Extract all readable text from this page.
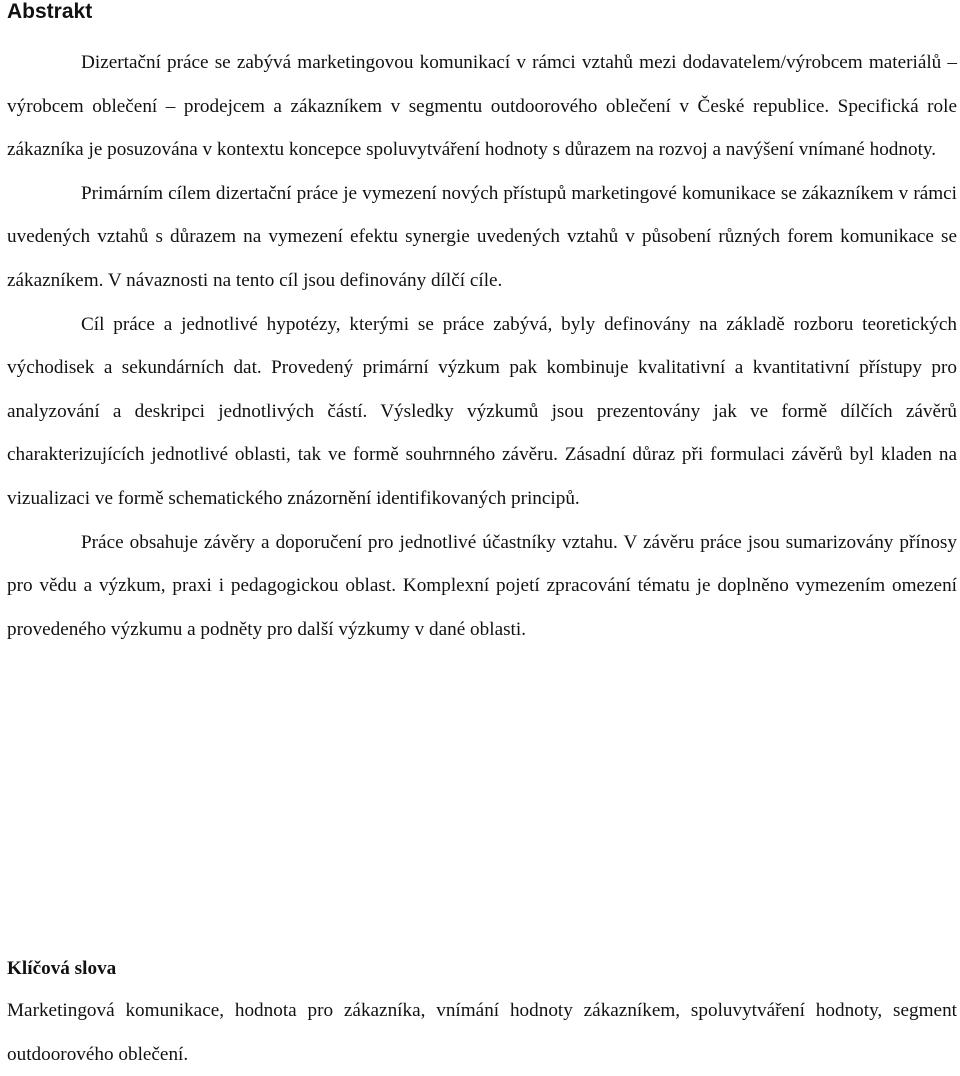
Abstrakt

Dizertační práce se zabývá marketingovou komunikací v rámci vztahů mezi dodavatelem/výrobcem materiálů – výrobcem oblečení – prodejcem a zákazníkem v segmentu outdoorového oblečení v České republice. Specifická role zákazníka je posuzována v kontextu koncepce spoluvytváření hodnoty s důrazem na rozvoj a navýšení vnímané hodnoty.

Primárním cílem dizertační práce je vymezení nových přístupů marketingové komunikace se zákazníkem v rámci uvedených vztahů s důrazem na vymezení efektu synergie uvedených vztahů v působení různých forem komunikace se zákazníkem. V návaznosti na tento cíl jsou definovány dílčí cíle.

Cíl práce a jednotlivé hypotézy, kterými se práce zabývá, byly definovány na základě rozboru teoretických východisek a sekundárních dat. Provedený primární výzkum pak kombinuje kvalitativní a kvantitativní přístupy pro analyzování a deskripci jednotlivých částí. Výsledky výzkumů jsou prezentovány jak ve formě dílčích závěrů charakterizujících jednotlivé oblasti, tak ve formě souhrnného závěru. Zásadní důraz při formulaci závěrů byl kladen na vizualizaci ve formě schematického znázornění identifikovaných principů.

Práce obsahuje závěry a doporučení pro jednotlivé účastníky vztahu. V závěru práce jsou sumarizovány přínosy pro vědu a výzkum, praxi i pedagogickou oblast. Komplexní pojetí zpracování tématu je doplněno vymezením omezení provedeného výzkumu a podněty pro další výzkumy v dané oblasti.

Klíčová slova
Marketingová komunikace, hodnota pro zákazníka, vnímání hodnoty zákazníkem, spoluvytváření hodnoty, segment outdoorového oblečení.
